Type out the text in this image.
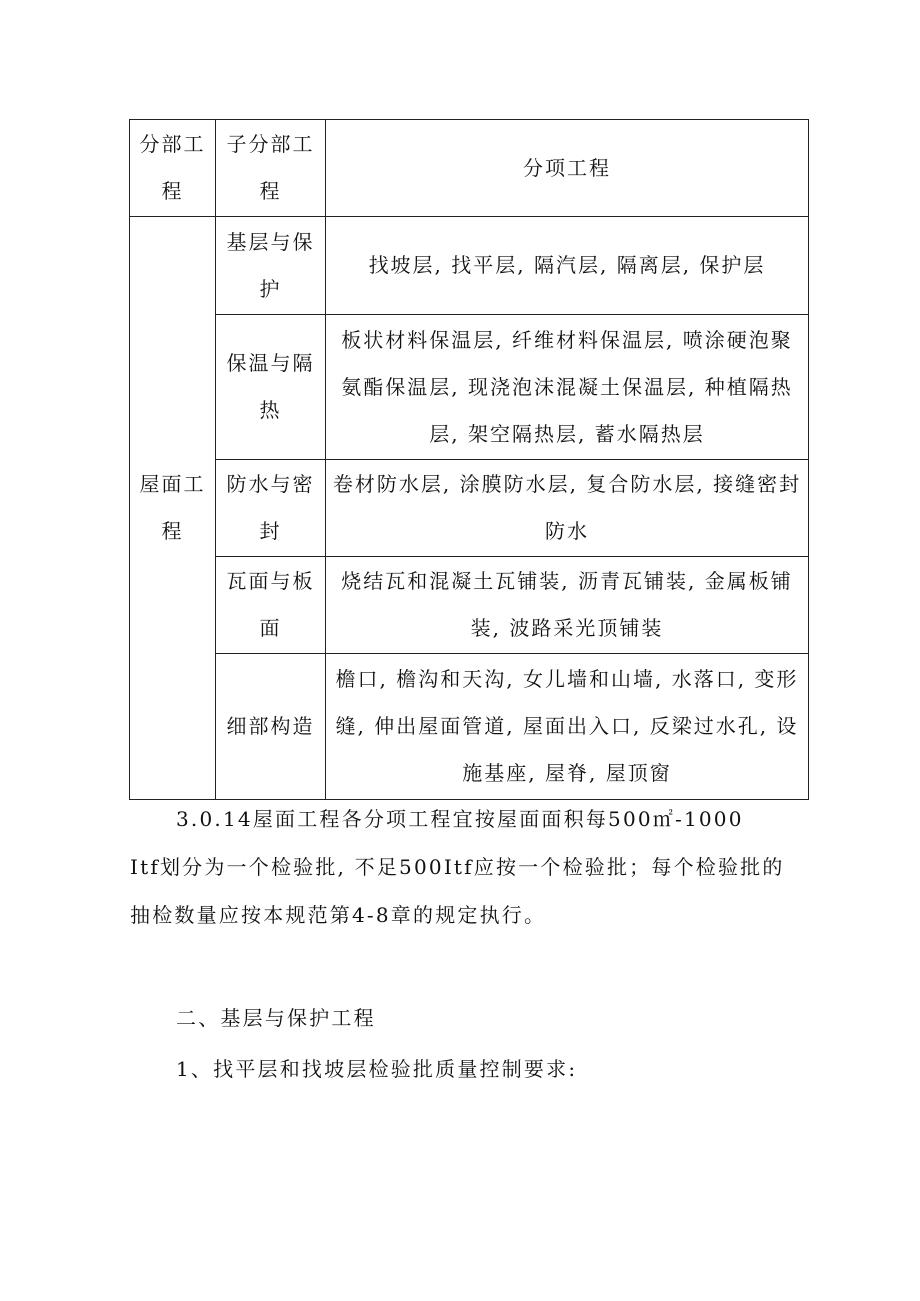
分部工程	子分部工程	分项工程
屋面工程	基层与保护	找坡层, 找平层, 隔汽层, 隔离层, 保护层
	保温与隔热	板状材料保温层, 纤维材料保温层, 喷涂硬泡聚氨酯保温层, 现浇泡沫混凝土保温层, 种植隔热层, 架空隔热层, 蓄水隔热层
	防水与密封	卷材防水层, 涂膜防水层, 复合防水层, 接缝密封防水
	瓦面与板面	烧结瓦和混凝土瓦铺装, 沥青瓦铺装, 金属板铺装, 波路采光顶铺装
	细部构造	檐口, 檐沟和天沟, 女儿墙和山墙, 水落口, 变形缝, 伸出屋面管道, 屋面出入口, 反梁过水孔, 设施基座, 屋脊, 屋顶窗
3.0.14屋面工程各分项工程宜按屋面面积每500㎡-1000
Itf划分为一个检验批, 不足500Itf应按一个检验批；每个检验批的
抽检数量应按本规范第4-8章的规定执行。
二、基层与保护工程
1、找平层和找坡层检验批质量控制要求:
